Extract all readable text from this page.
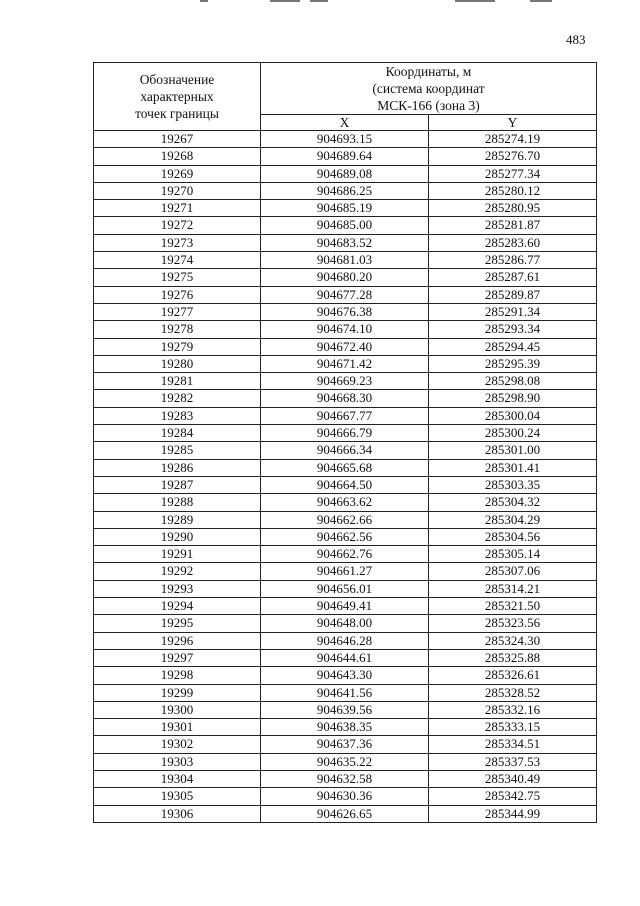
483
Обозначение
характерных
точек границы	Координаты, м
(система координат
МСК-166 (зона 3)	

	X	Y
19267	904693.15	285274.19
19268	904689.64	285276.70
19269	904689.08	285277.34
19270	904686.25	285280.12
19271	904685.19	285280.95
19272	904685.00	285281.87
19273	904683.52	285283.60
19274	904681.03	285286.77
19275	904680.20	285287.61
19276	904677.28	285289.87
19277	904676.38	285291.34
19278	904674.10	285293.34
19279	904672.40	285294.45
19280	904671.42	285295.39
19281	904669.23	285298.08
19282	904668.30	285298.90
19283	904667.77	285300.04
19284	904666.79	285300.24
19285	904666.34	285301.00
19286	904665.68	285301.41
19287	904664.50	285303.35
19288	904663.62	285304.32
19289	904662.66	285304.29
19290	904662.56	285304.56
19291	904662.76	285305.14
19292	904661.27	285307.06
19293	904656.01	285314.21
19294	904649.41	285321.50
19295	904648.00	285323.56
19296	904646.28	285324.30
19297	904644.61	285325.88
19298	904643.30	285326.61
19299	904641.56	285328.52
19300	904639.56	285332.16
19301	904638.35	285333.15
19302	904637.36	285334.51
19303	904635.22	285337.53
19304	904632.58	285340.49
19305	904630.36	285342.75
19306	904626.65	285344.99
